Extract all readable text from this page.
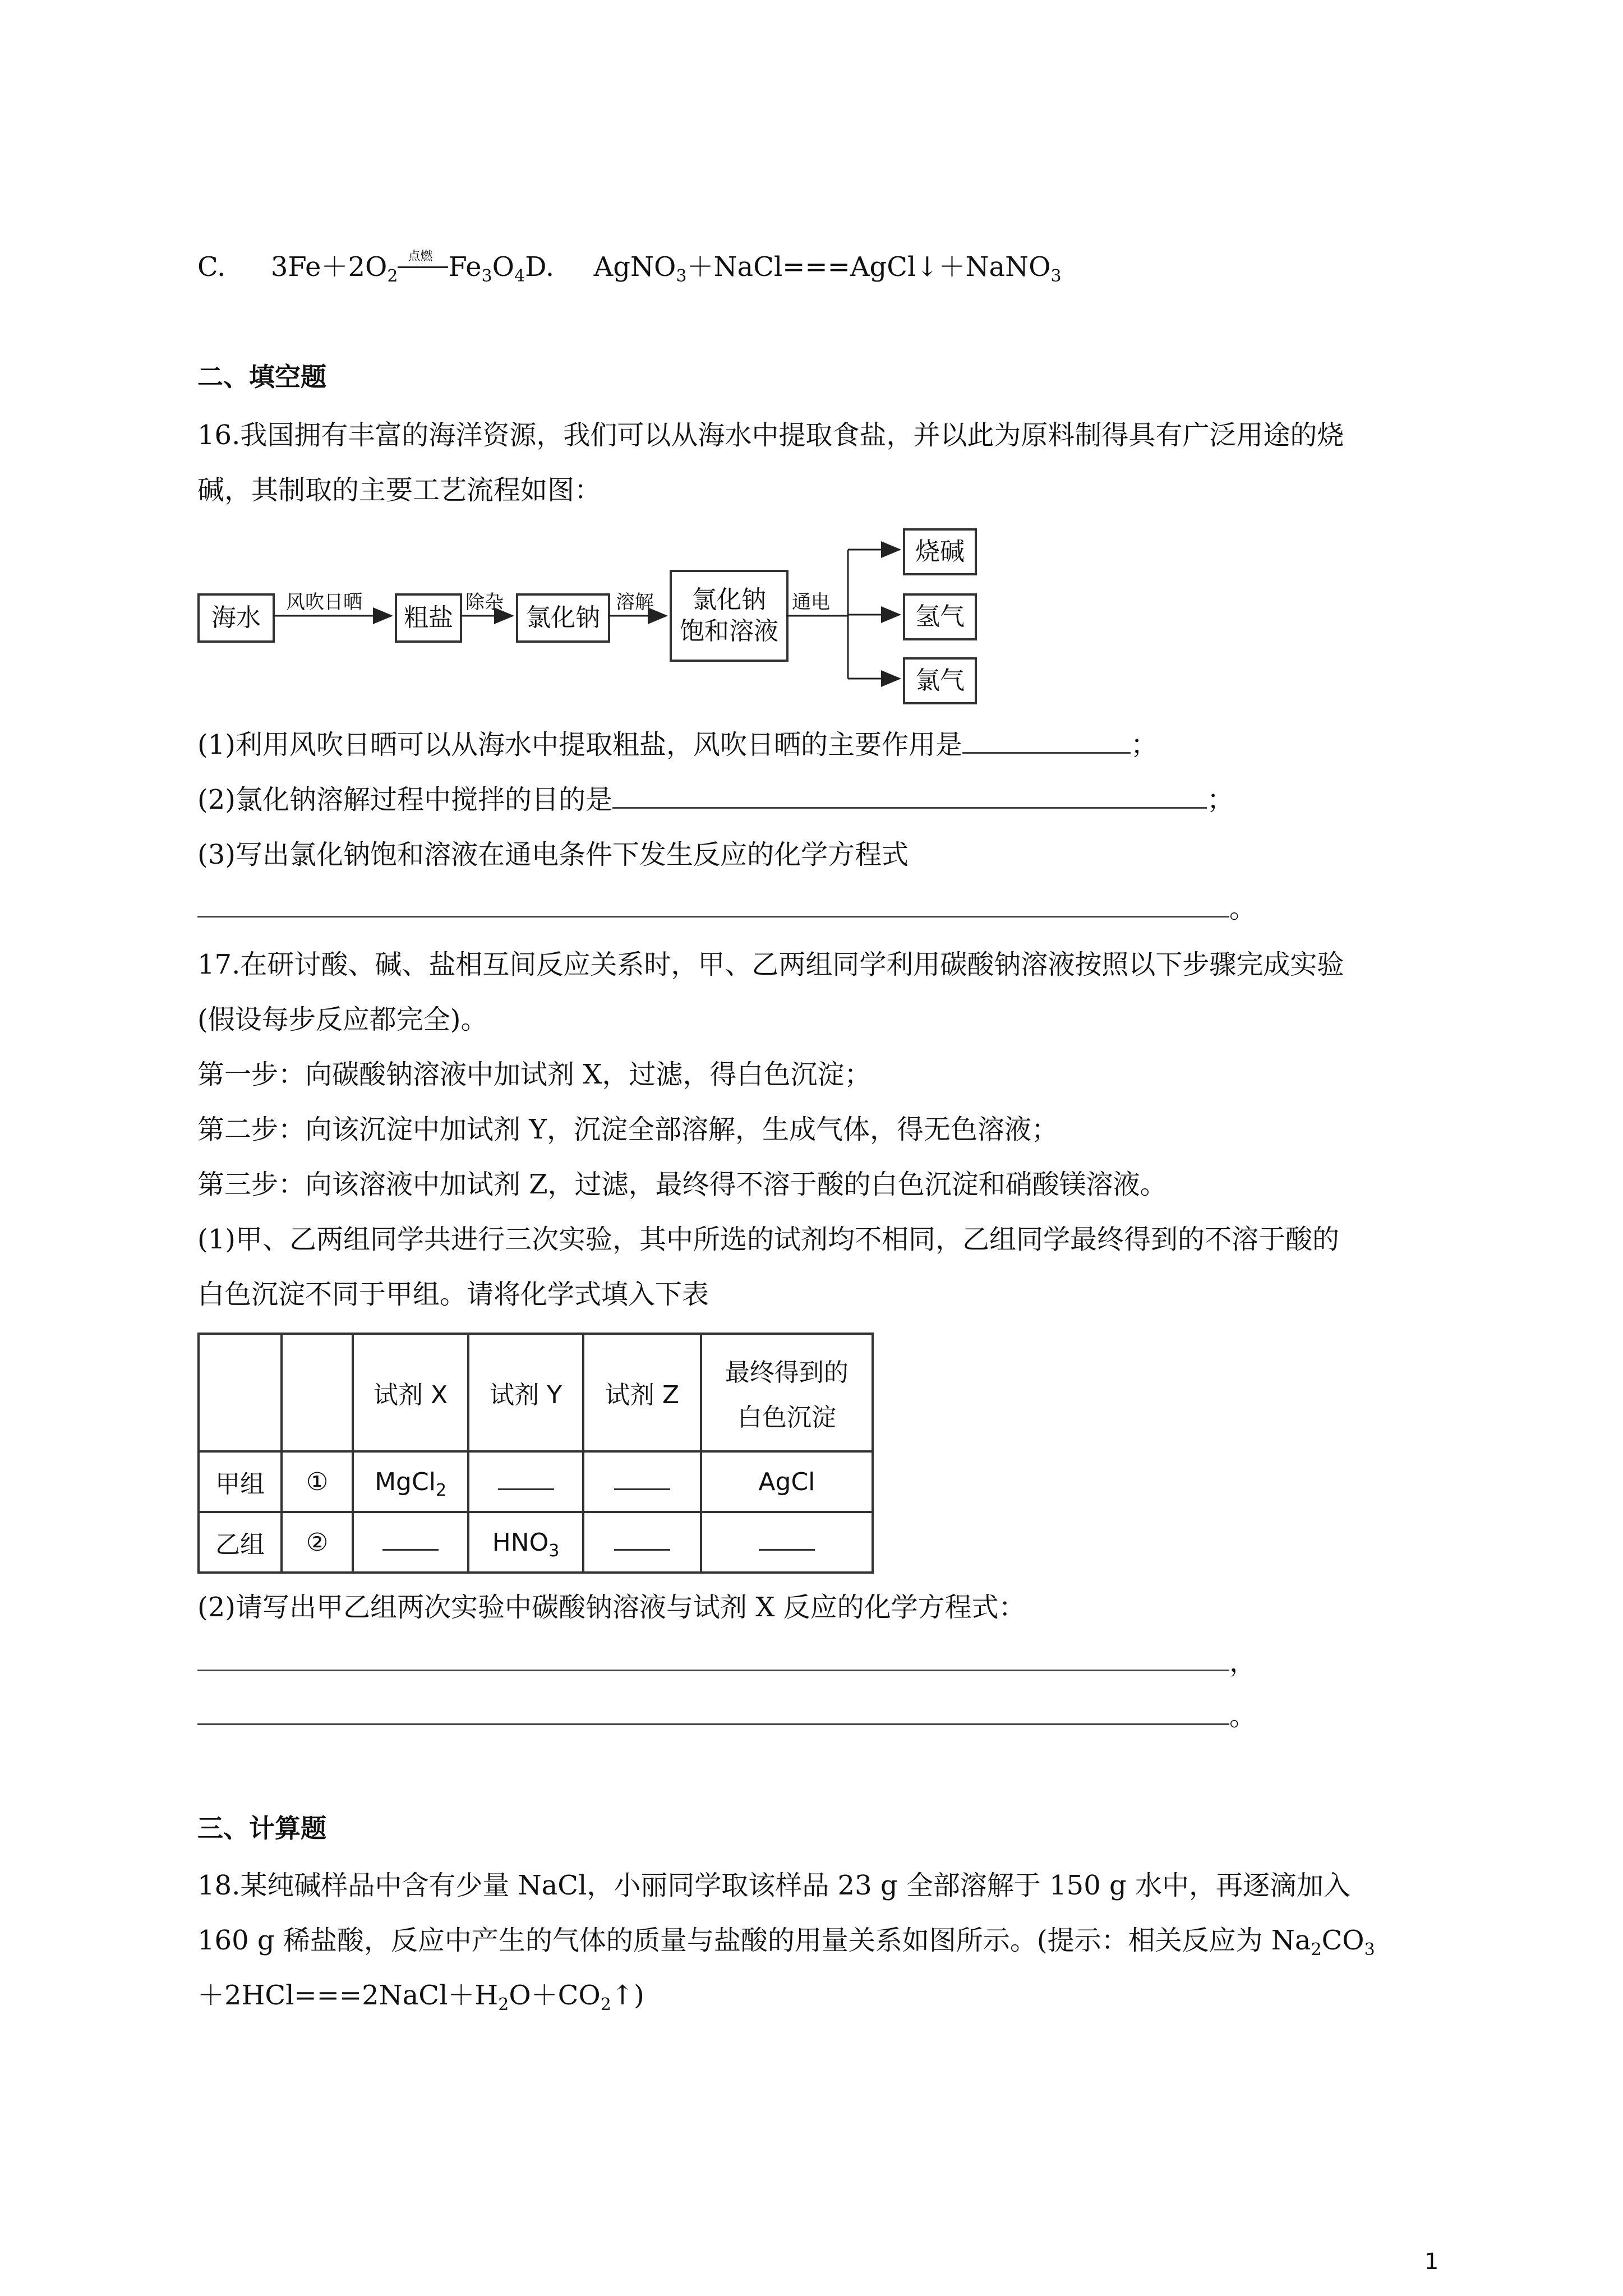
C. $3Fe+2O_2$
点燃 $Fe_3O_4D$. AgNO$_3$＋NaCl===AgCl↓＋NaNO$_3$
二、填空题
16.我国拥有丰富的海洋资源，我们可以从海水中提取食盐，并以此为原料制得具有广泛用途的烧
碱，其制取的主要工艺流程如图：
海水
风吹日晒
粗盐
除杂
氯化钠
溶解 氯化钠
饱和溶液
通电
烧碱
氢气
氯气
(1)利用风吹日晒可以从海水中提取粗盐，风吹日晒的主要作用是	；
(2)氯化钠溶解过程中搅拌的目的是	；
(3)写出氯化钠饱和溶液在通电条件下发生反应的化学方程式
。
17.在研讨酸、碱、盐相互间反应关系时，甲、乙两组同学利用碳酸钠溶液按照以下步骤完成实验
(假设每步反应都完全)。
第一步：向碳酸钠溶液中加试剂 X，过滤，得白色沉淀；
第二步：向该沉淀中加试剂 Y，沉淀全部溶解，生成气体，得无色溶液；
第三步：向该溶液中加试剂 Z，过滤，最终得不溶于酸的白色沉淀和硝酸镁溶液。
(1)甲、乙两组同学共进行三次实验，其中所选的试剂均不相同，乙组同学最终得到的不溶于酸的
白色沉淀不同于甲组。请将化学式填入下表
		试剂 X	试剂 Y	试剂 Z	最终得到的
白色沉淀

甲组	①	MgCl$_2$			AgCl
乙组	②		$HNO_3$		
(2)请写出甲乙组两次实验中碳酸钠溶液与试剂 X 反应的化学方程式：
，
。
三、计算题
18.某纯碱样品中含有少量 NaCl，小丽同学取该样品 23 g 全部溶解于 150 g 水中，再逐滴加入
160 g 稀盐酸，反应中产生的气体的质量与盐酸的用量关系如图所示。(提示：相关反应为 $Na_2CO_3$
$+2HCl===2NaCl+H_2O+CO_2↑$)
1
